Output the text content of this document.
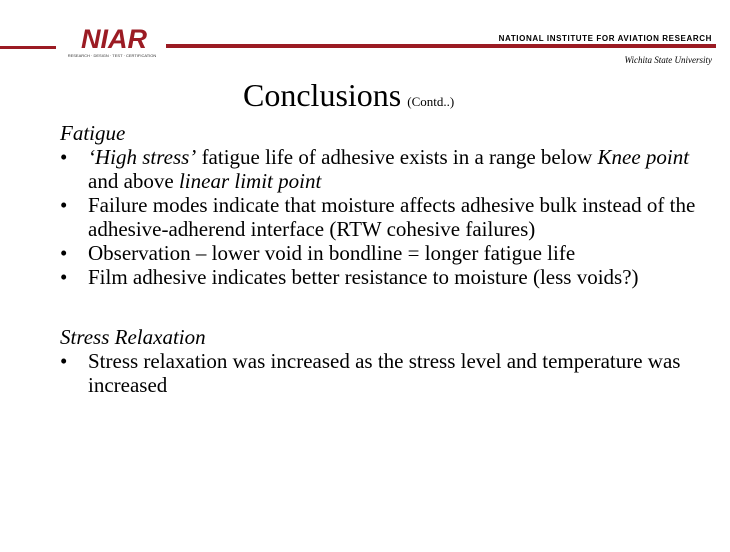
NIAR
RESEARCH · DESIGN · TEST · CERTIFICATION
NATIONAL INSTITUTE FOR AVIATION RESEARCH
Wichita State University
Conclusions (Contd..)
Fatigue
• ‘High stress’ fatigue life of adhesive exists in a range below Knee point and above linear limit point
• Failure modes indicate that moisture affects adhesive bulk instead of the adhesive-adherend interface (RTW cohesive failures)
• Observation – lower void in bondline = longer fatigue life
• Film adhesive indicates better resistance to moisture (less voids?)
Stress Relaxation
• Stress relaxation was increased as the stress level and temperature was increased
